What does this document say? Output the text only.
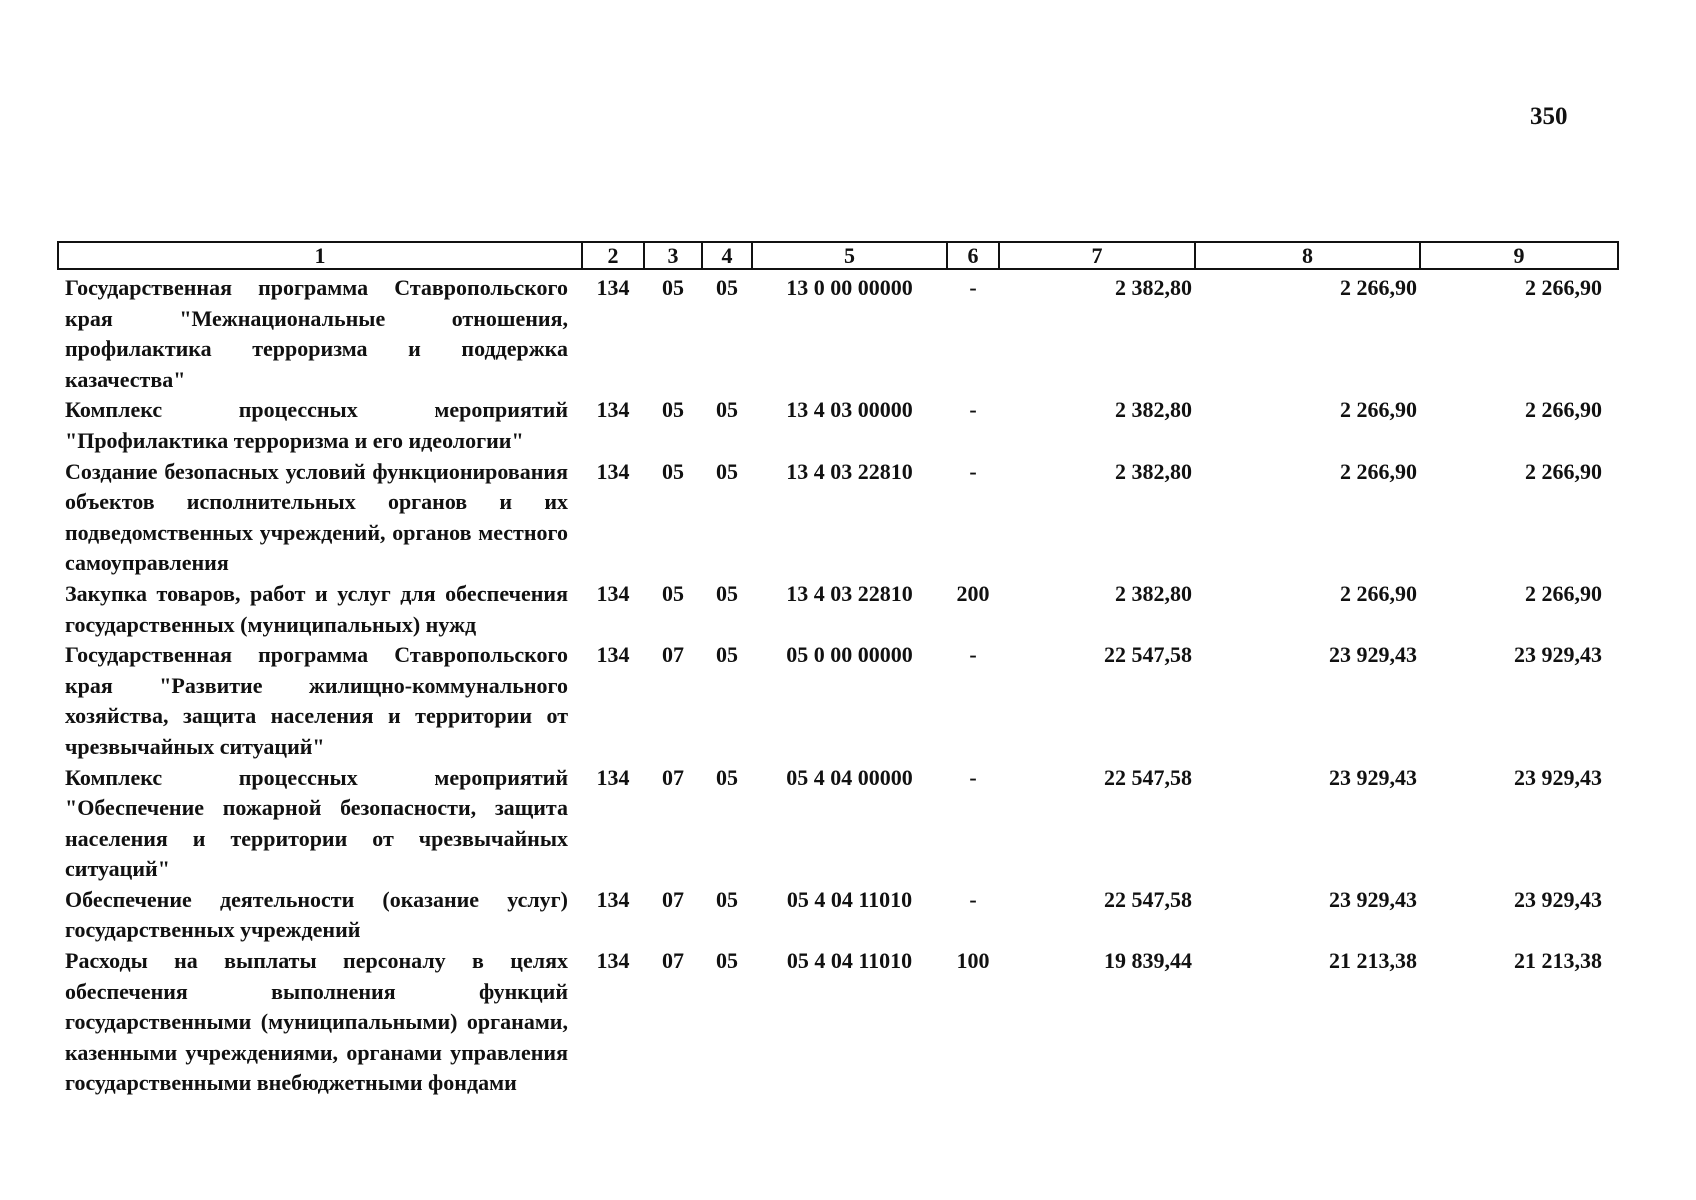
350
1	2	3	4	5	6	7	8	9
Государственная программа Ставропольского края "Межнациональные отношения, профилактика терроризма и поддержка казачества"	134	05	05	13 0 00 00000	-	2 382,80	2 266,90	2 266,90
Комплекс процессных мероприятий "Профилактика терроризма и его идеологии"	134	05	05	13 4 03 00000	-	2 382,80	2 266,90	2 266,90
Создание безопасных условий функционирования объектов исполнительных органов и их подведомственных учреждений, органов местного самоуправления	134	05	05	13 4 03 22810	-	2 382,80	2 266,90	2 266,90
Закупка товаров, работ и услуг для обеспечения государственных (муниципальных) нужд	134	05	05	13 4 03 22810	200	2 382,80	2 266,90	2 266,90
Государственная программа Ставропольского края "Развитие жилищно-коммунального хозяйства, защита населения и территории от чрезвычайных ситуаций"	134	07	05	05 0 00 00000	-	22 547,58	23 929,43	23 929,43
Комплекс процессных мероприятий "Обеспечение пожарной безопасности, защита населения и территории от чрезвычайных ситуаций"	134	07	05	05 4 04 00000	-	22 547,58	23 929,43	23 929,43
Обеспечение деятельности (оказание услуг) государственных учреждений	134	07	05	05 4 04 11010	-	22 547,58	23 929,43	23 929,43
Расходы на выплаты персоналу в целях обеспечения выполнения функций государственными (муниципальными) органами, казенными учреждениями, органами управления государственными внебюджетными фондами	134	07	05	05 4 04 11010	100	19 839,44	21 213,38	21 213,38
